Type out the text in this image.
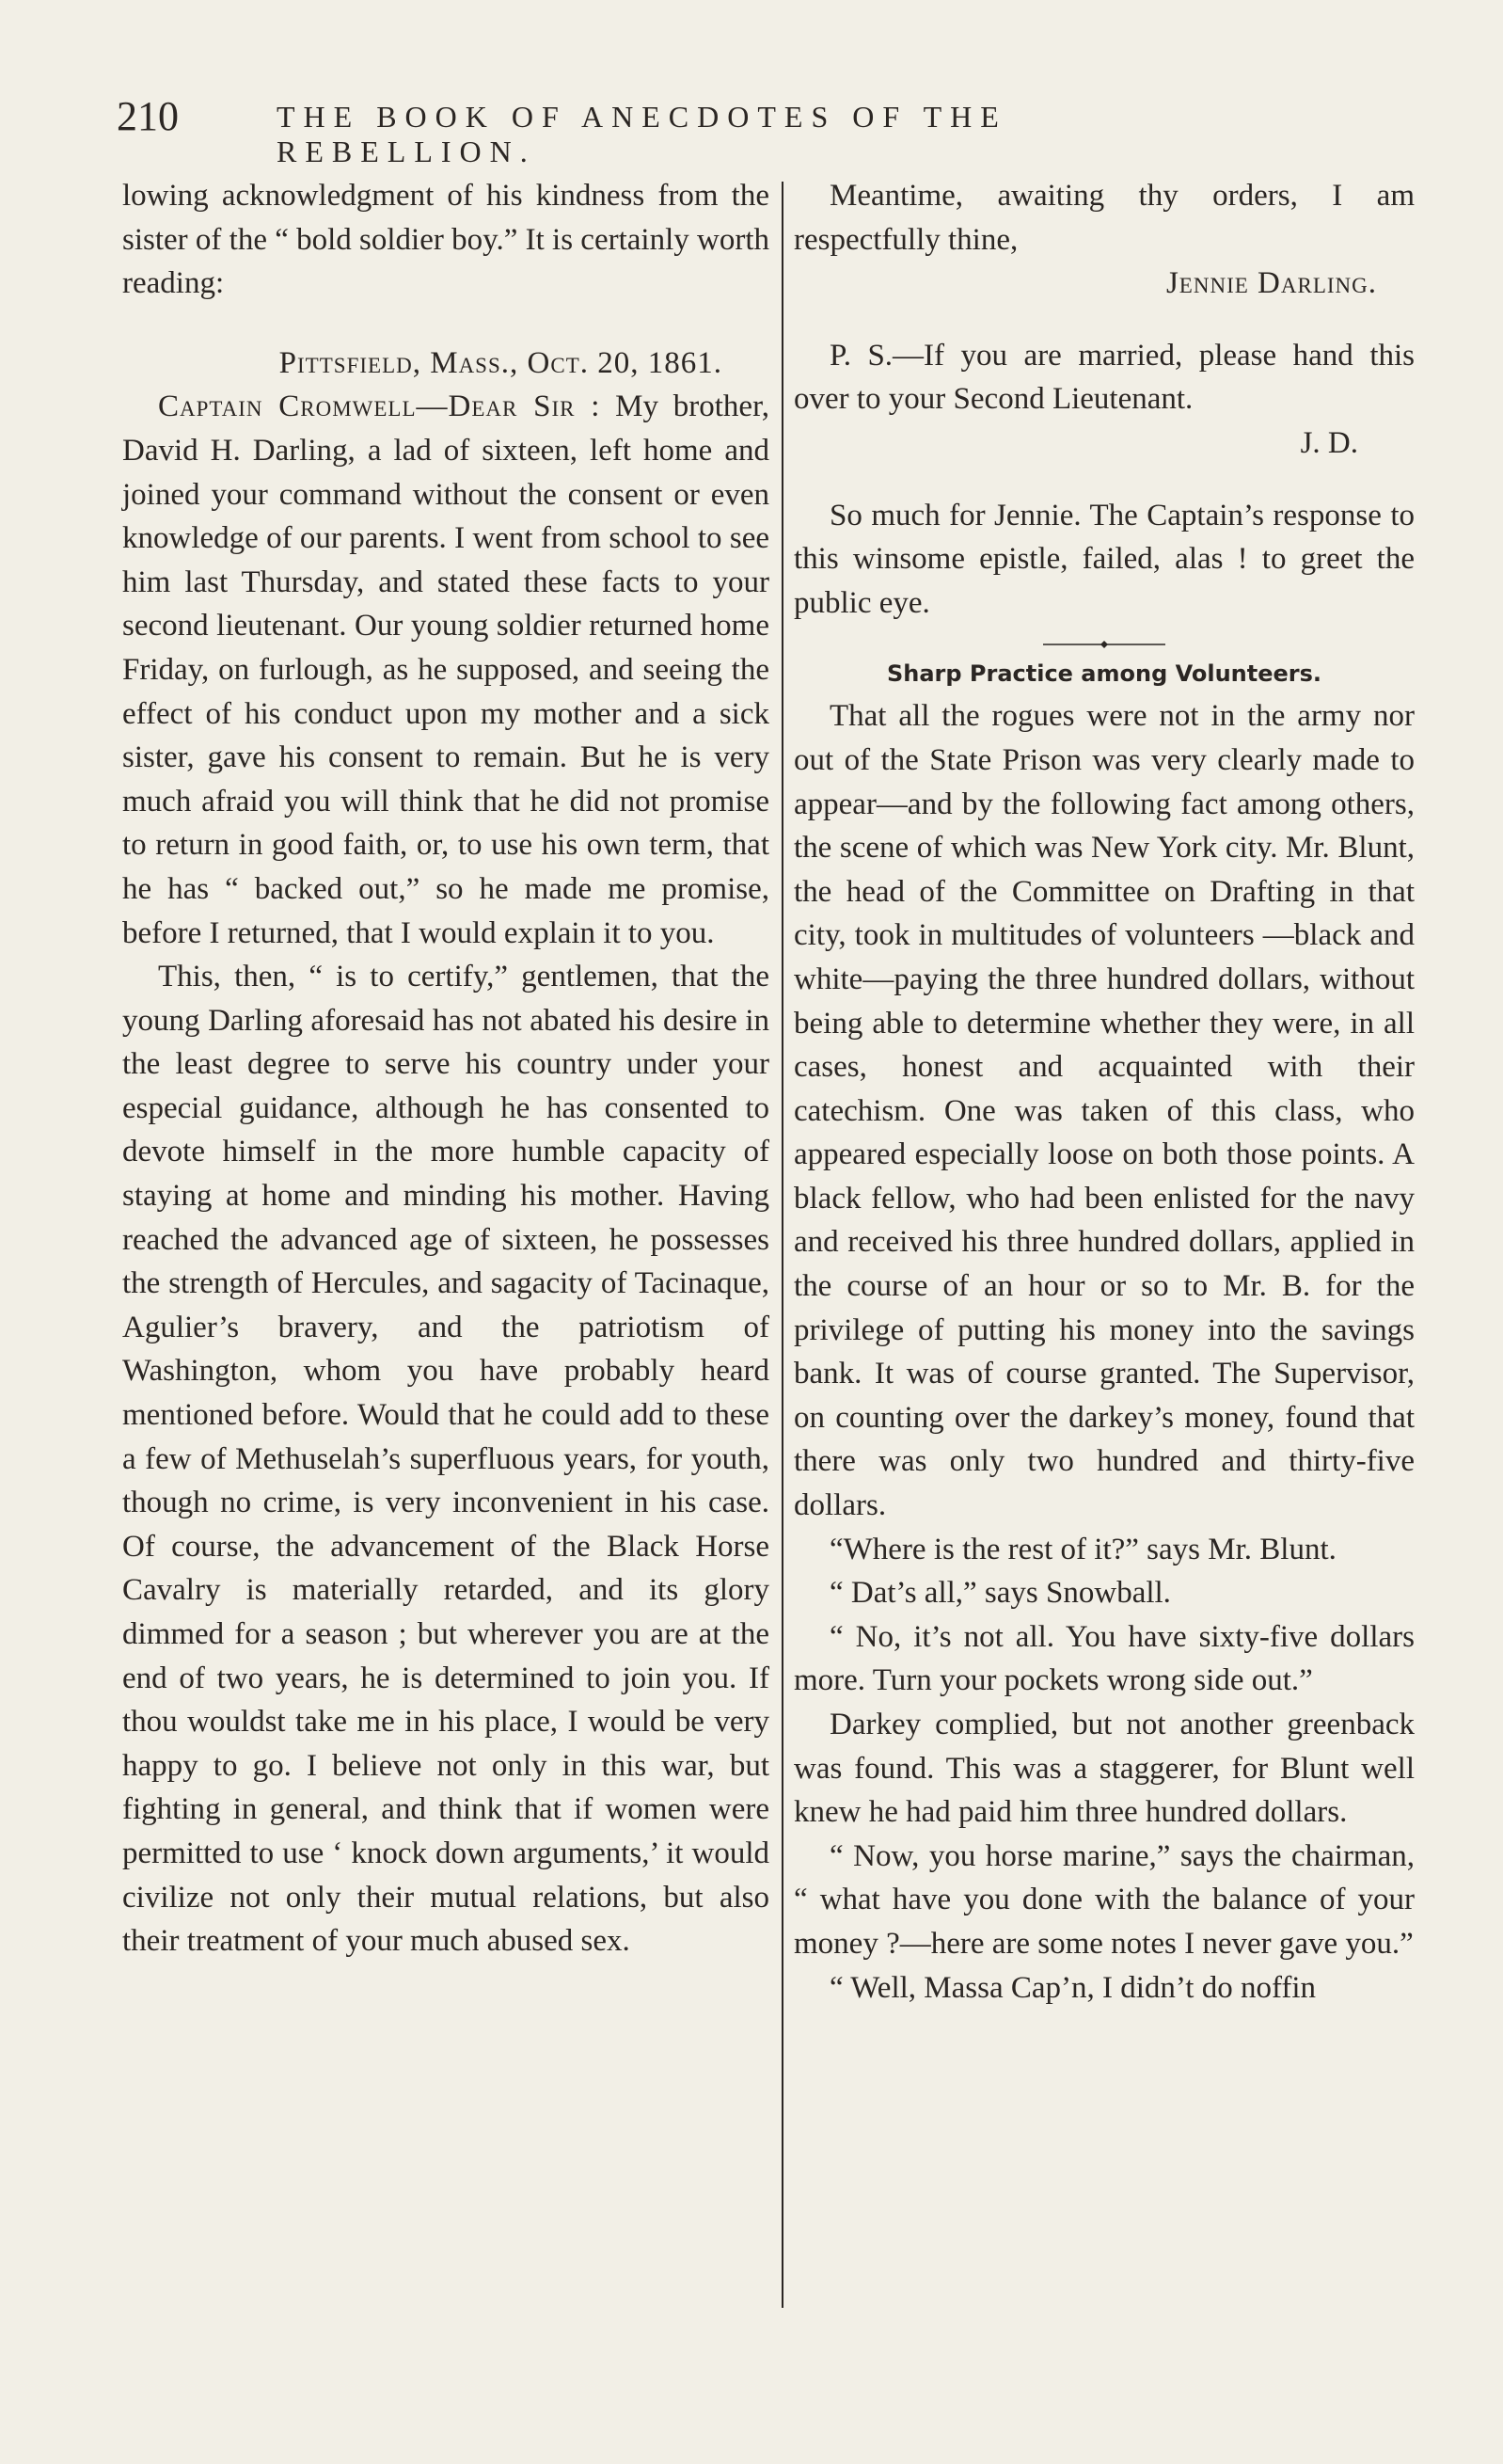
210	THE BOOK OF ANECDOTES OF THE REBELLION.

lowing acknowledgment of his kindness from the sister of the “ bold soldier boy.” It is certainly worth reading:

Pittsfield, Mass., Oct. 20, 1861.

Captain Cromwell—Dear Sir : My brother, David H. Darling, a lad of sixteen, left home and joined your command without the consent or even knowledge of our parents. I went from school to see him last Thursday, and stated these facts to your second lieutenant. Our young soldier returned home Friday, on furlough, as he supposed, and seeing the effect of his conduct upon my mother and a sick sister, gave his consent to remain. But he is very much afraid you will think that he did not promise to return in good faith, or, to use his own term, that he has “ backed out,” so he made me promise, before I returned, that I would explain it to you.

This, then, “ is to certify,” gentlemen, that the young Darling aforesaid has not abated his desire in the least degree to serve his country under your especial guidance, although he has consented to devote himself in the more humble capacity of staying at home and minding his mother. Having reached the advanced age of sixteen, he possesses the strength of Hercules, and sagacity of Tacinaque, Agulier’s bravery, and the patriotism of Washington, whom you have probably heard mentioned before. Would that he could add to these a few of Methuselah’s superfluous years, for youth, though no crime, is very inconvenient in his case. Of course, the advancement of the Black Horse Cavalry is materially retarded, and its glory dimmed for a season ; but wherever you are at the end of two years, he is determined to join you. If thou wouldst take me in his place, I would be very happy to go. I believe not only in this war, but fighting in general, and think that if women were permitted to use ‘ knock down arguments,’ it would civilize not only their mutual relations, but also their treatment of your much abused sex.

Meantime, awaiting thy orders, I am respectfully thine,

Jennie Darling.

P. S.—If you are married, please hand this over to your Second Lieutenant.

J. D.

So much for Jennie. The Captain’s response to this winsome epistle, failed, alas ! to greet the public eye.

Sharp Practice among Volunteers.

That all the rogues were not in the army nor out of the State Prison was very clearly made to appear—and by the following fact among others, the scene of which was New York city. Mr. Blunt, the head of the Committee on Drafting in that city, took in multitudes of volunteers —black and white—paying the three hundred dollars, without being able to determine whether they were, in all cases, honest and acquainted with their catechism. One was taken of this class, who appeared especially loose on both those points. A black fellow, who had been enlisted for the navy and received his three hundred dollars, applied in the course of an hour or so to Mr. B. for the privilege of putting his money into the savings bank. It was of course granted. The Supervisor, on counting over the darkey’s money, found that there was only two hundred and thirty-five dollars.

“Where is the rest of it?” says Mr. Blunt.

“ Dat’s all,” says Snowball.

“ No, it’s not all. You have sixty-five dollars more. Turn your pockets wrong side out.”

Darkey complied, but not another greenback was found. This was a staggerer, for Blunt well knew he had paid him three hundred dollars.

“ Now, you horse marine,” says the chairman, “ what have you done with the balance of your money ?—here are some notes I never gave you.”

“ Well, Massa Cap’n, I didn’t do noffin
